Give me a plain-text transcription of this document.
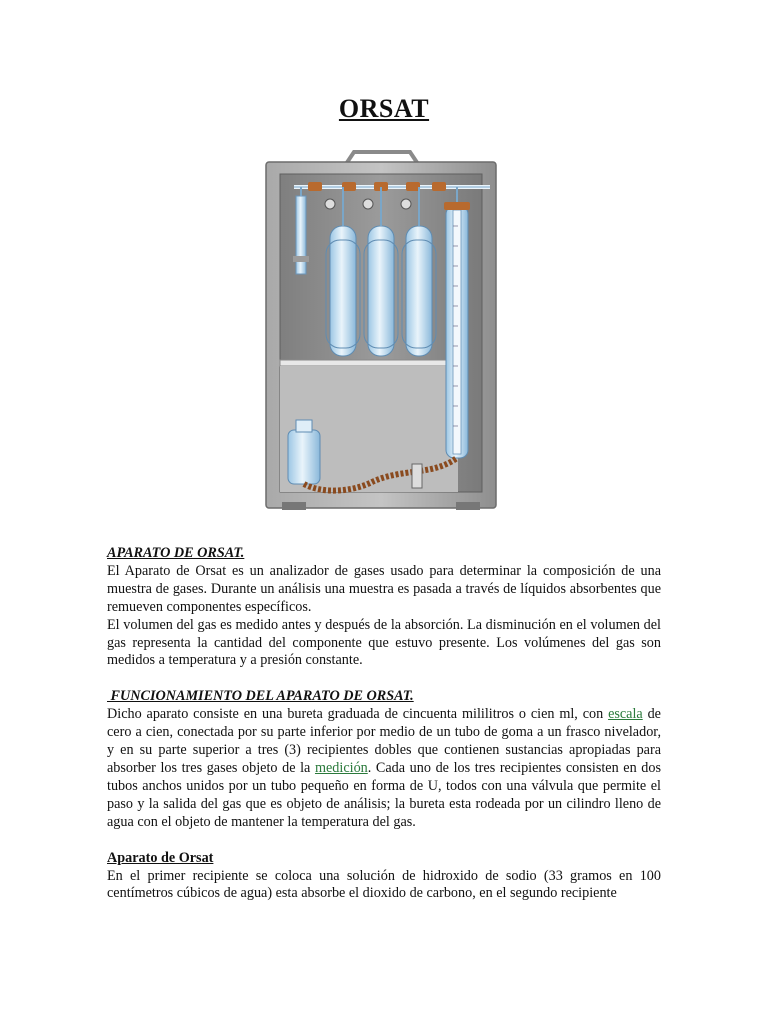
ORSAT

APARATO DE ORSAT.

El Aparato de Orsat es un analizador de gases usado para determinar la composición de una muestra de gases. Durante un análisis una muestra es pasada a través de líquidos absorbentes que remueven componentes específicos.

El volumen del gas es medido antes y después de la absorción. La disminución en el volumen del gas representa la cantidad del componente que estuvo presente. Los volúmenes del gas son medidos a temperatura y a presión constante.

FUNCIONAMIENTO DEL APARATO DE ORSAT.

Dicho aparato consiste en una bureta graduada de cincuenta mililitros o cien ml, con escala de cero a cien, conectada por su parte inferior por medio de un tubo de goma a un frasco nivelador, y en su parte superior a tres (3) recipientes dobles que contienen sustancias apropiadas para absorber los tres gases objeto de la medición. Cada uno de los tres recipientes consisten en dos tubos anchos unidos por un tubo pequeño en forma de U, todos con una válvula que permite el paso y la salida del gas que es objeto de análisis; la bureta esta rodeada por un cilindro lleno de agua con el objeto de mantener la temperatura del gas.

Aparato de Orsat

En el primer recipiente se coloca una solución de hidroxido de sodio (33 gramos en 100 centímetros cúbicos de agua) esta absorbe el dioxido de carbono, en el segundo recipiente
